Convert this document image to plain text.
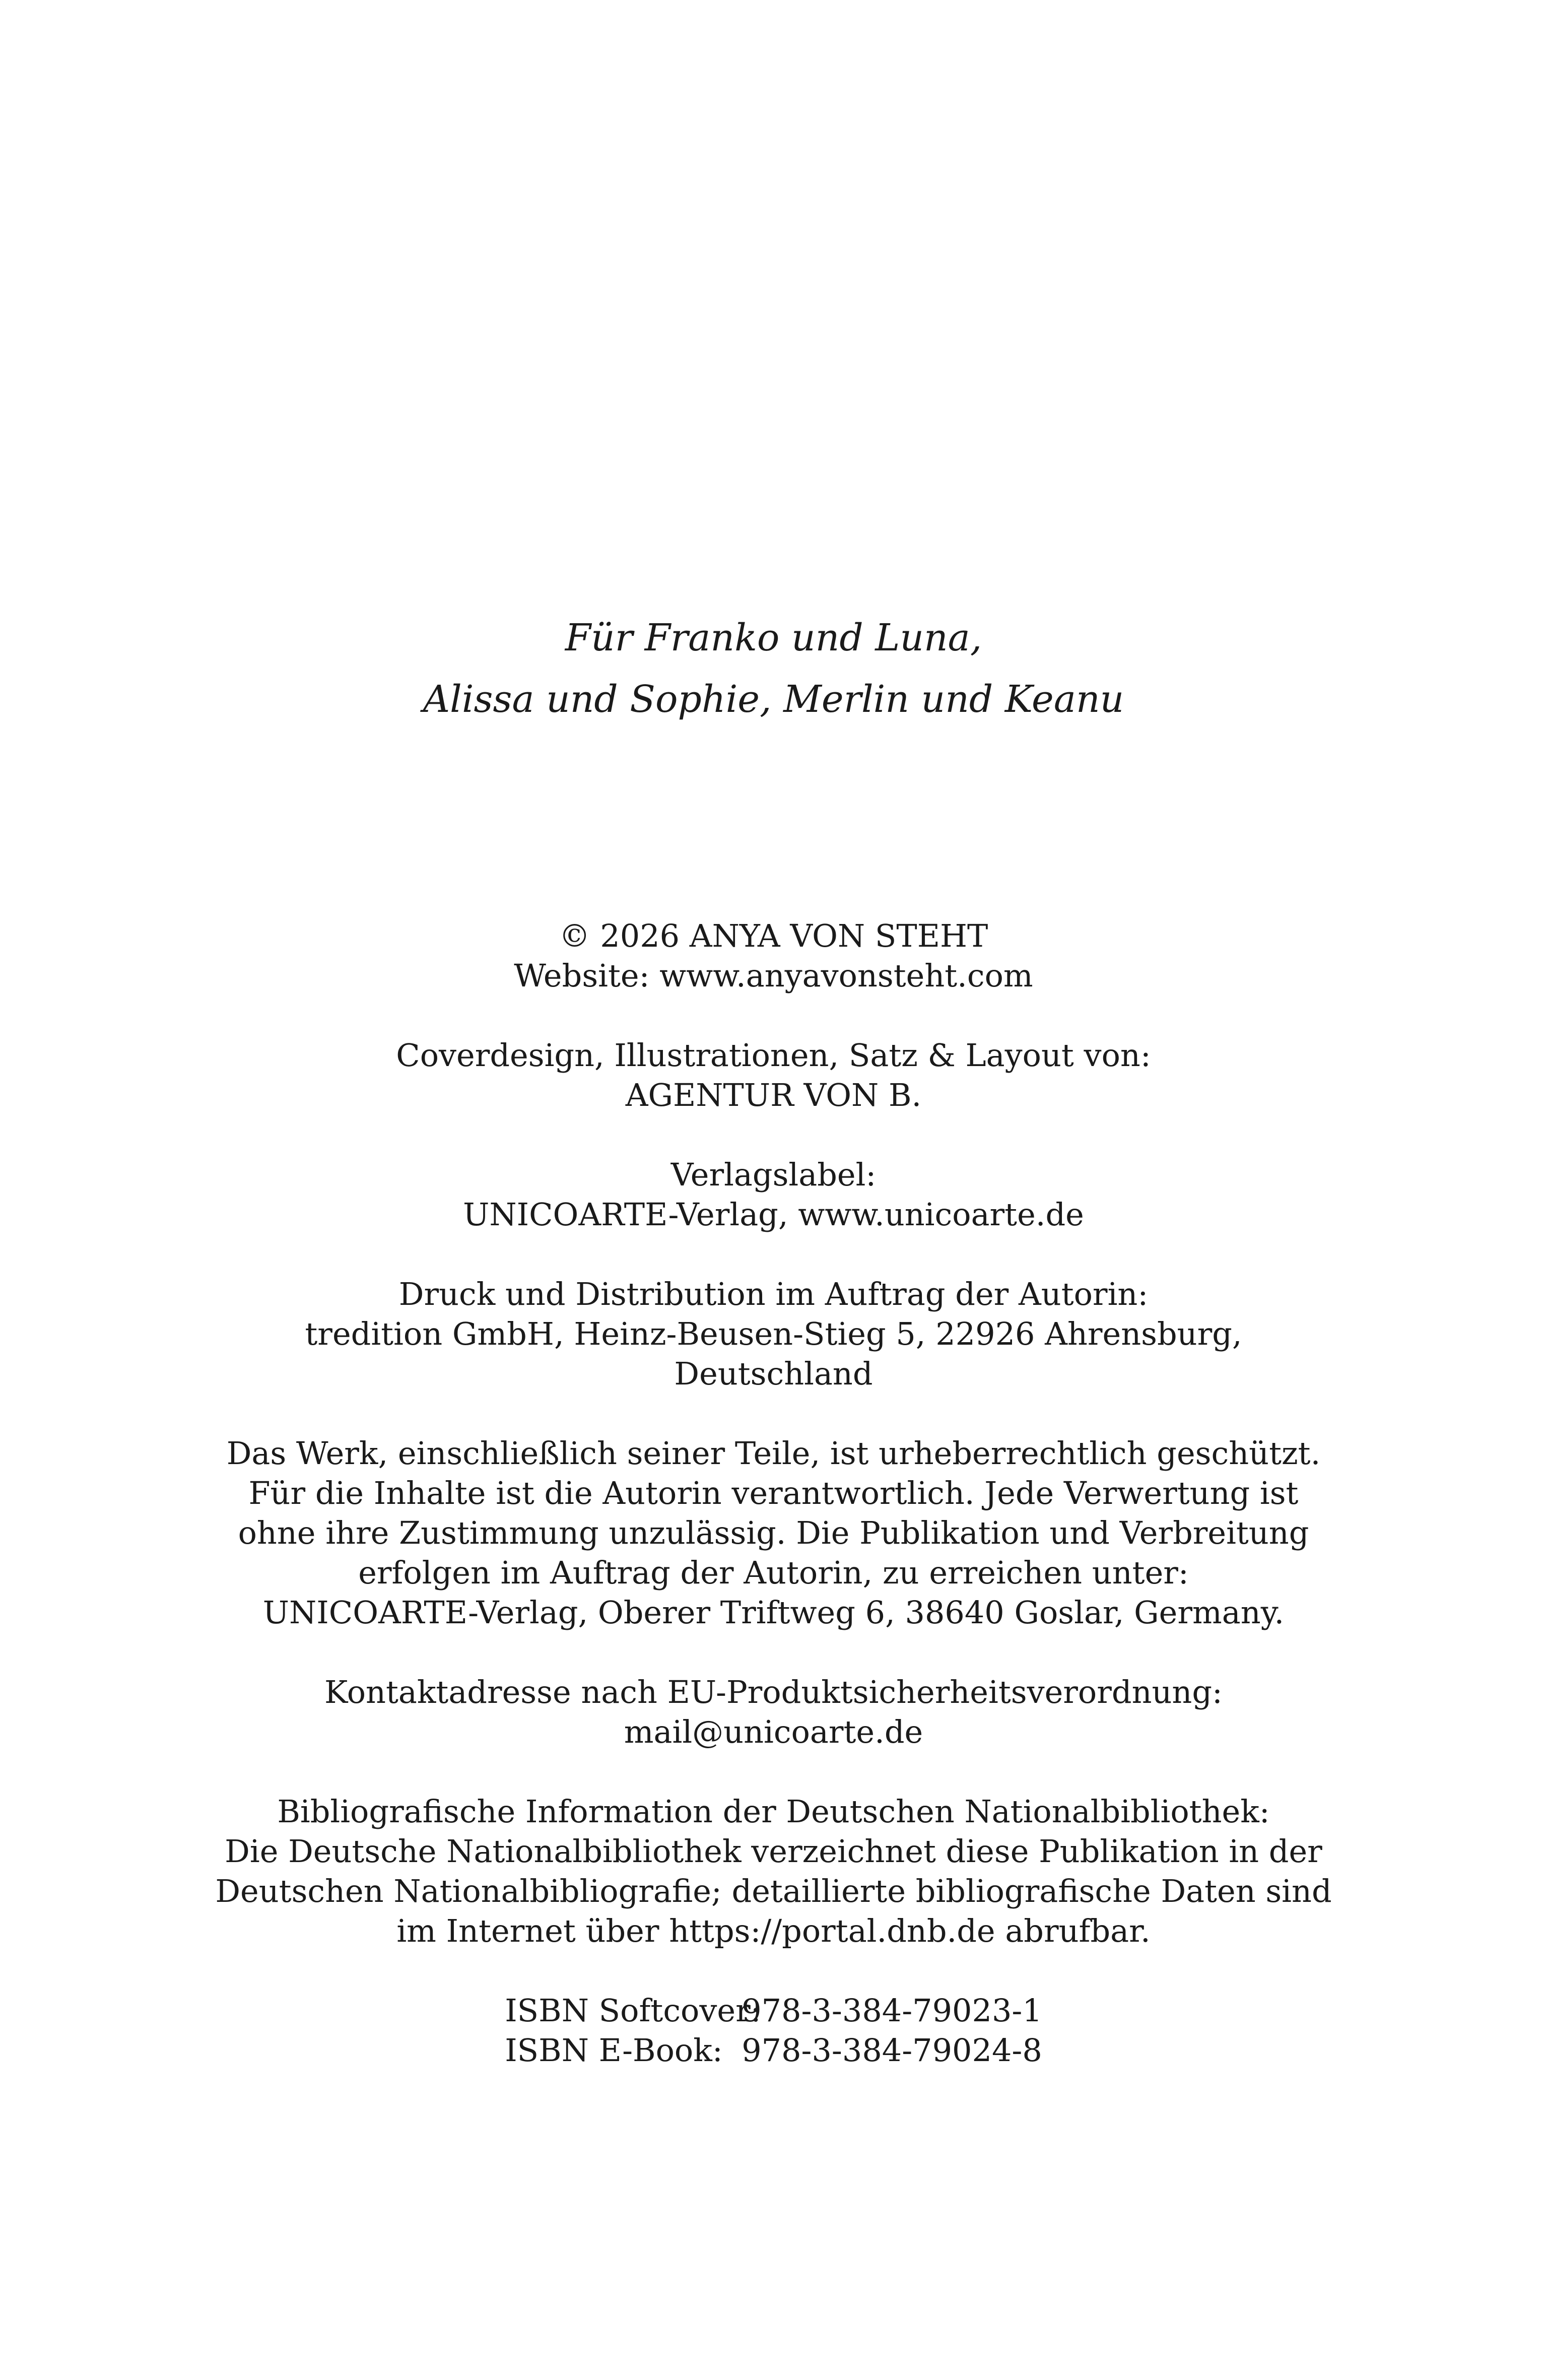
Für Franko und Luna,
Alissa und Sophie, Merlin und Keanu
© 2026 ANYA VON STEHT
Website: www.anyavonsteht.com
Coverdesign, Illustrationen, Satz & Layout von:
AGENTUR VON B.
Verlagslabel:
UNICOARTE-Verlag, www.unicoarte.de
Druck und Distribution im Auftrag der Autorin:
tredition GmbH, Heinz-Beusen-Stieg 5, 22926 Ahrensburg,
Deutschland
Das Werk, einschließlich seiner Teile, ist urheberrechtlich geschützt.
Für die Inhalte ist die Autorin verantwortlich. Jede Verwertung ist
ohne ihre Zustimmung unzulässig. Die Publikation und Verbreitung
erfolgen im Auftrag der Autorin, zu erreichen unter:
UNICOARTE-Verlag, Oberer Triftweg 6, 38640 Goslar, Germany.
Kontaktadresse nach EU-Produktsicherheitsverordnung:
mail@unicoarte.de
Bibliografische Information der Deutschen Nationalbibliothek:
Die Deutsche Nationalbibliothek verzeichnet diese Publikation in der
Deutschen Nationalbibliografie; detaillierte bibliografische Daten sind
im Internet über https://portal.dnb.de abrufbar.
ISBN Softcover:978-3-384-79023-1
ISBN E-Book: 978-3-384-79024-8
